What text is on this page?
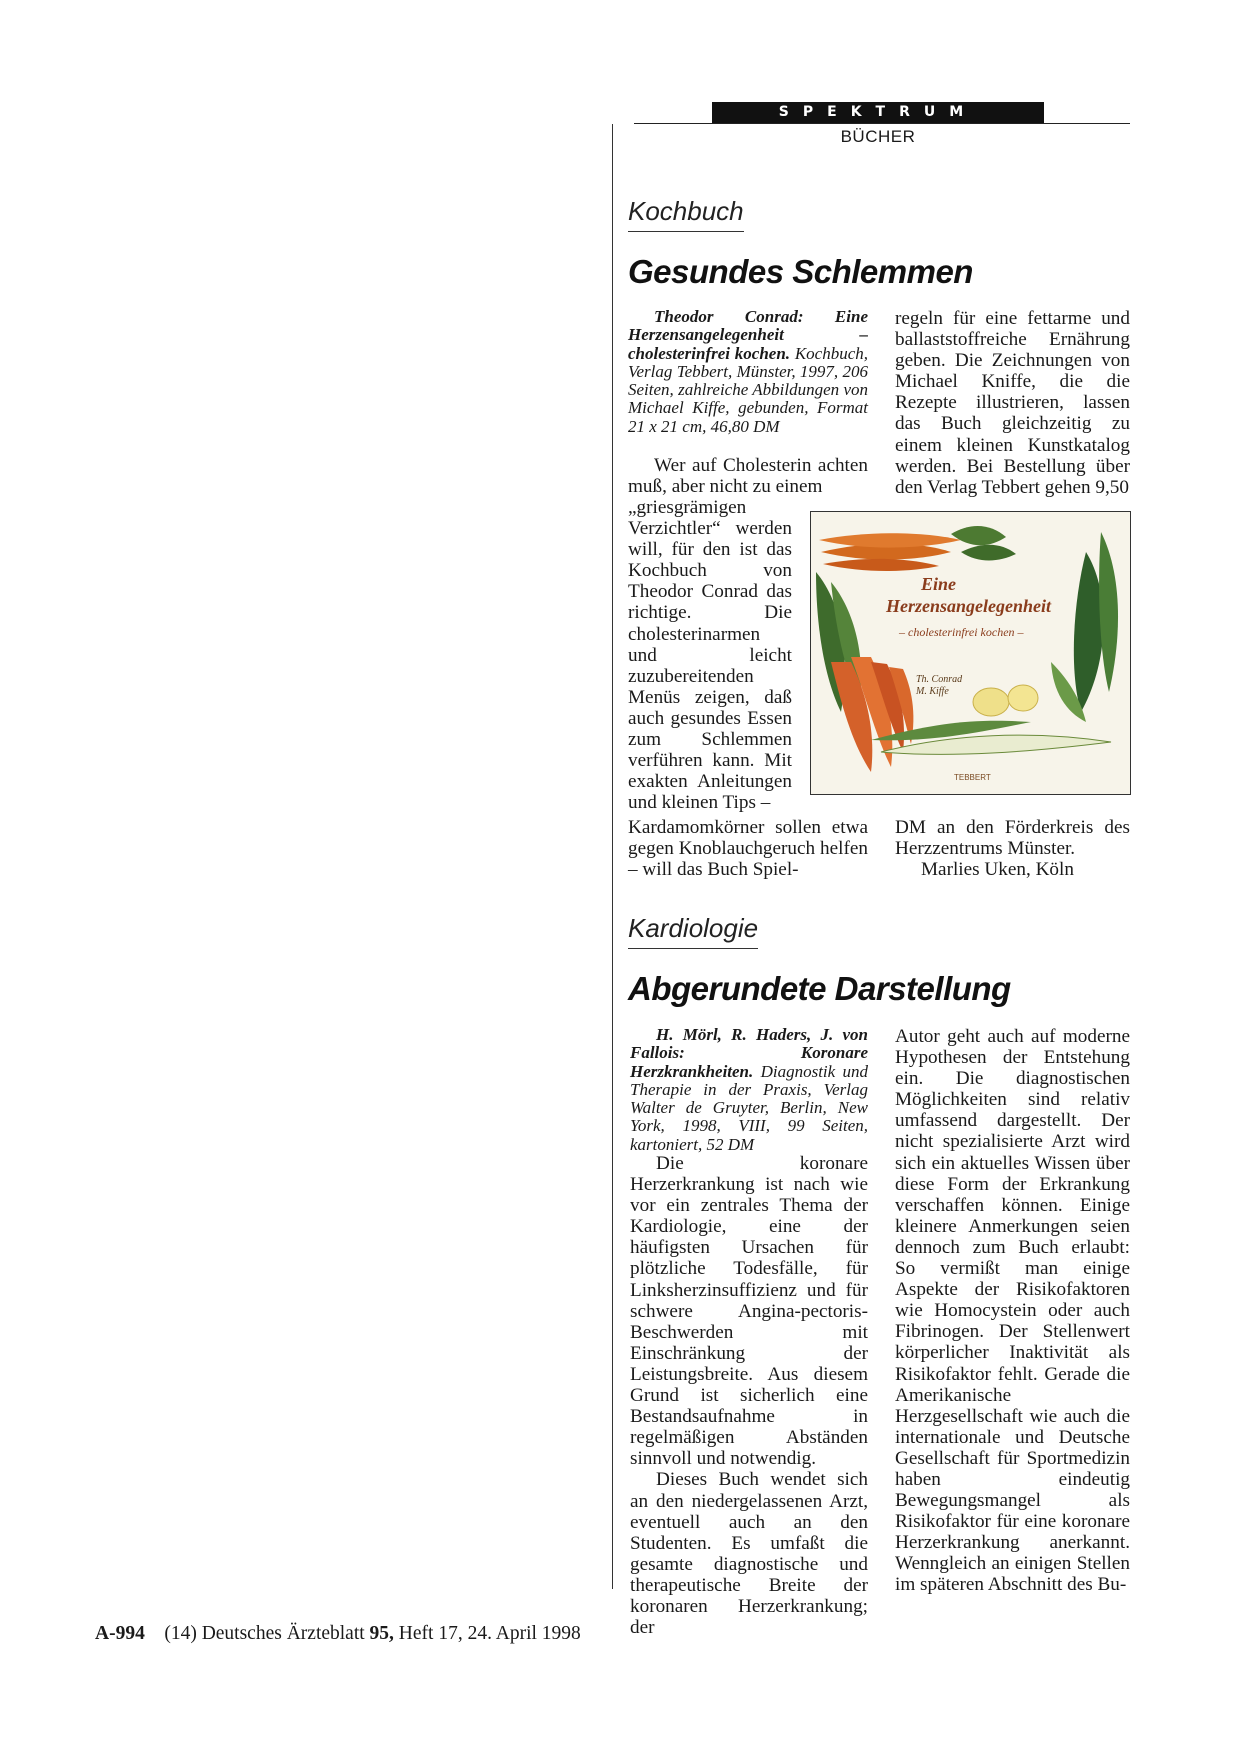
SPEKTRUM
BÜCHER
Kochbuch
Gesundes Schlemmen
Theodor Conrad: Eine Herzensangelegenheit – cholesterinfrei kochen. Kochbuch, Verlag Tebbert, Münster, 1997, 206 Seiten, zahlreiche Abbildungen von Michael Kiffe, gebunden, Format 21 x 21 cm, 46,80 DM

Wer auf Cholesterin achten muß, aber nicht zu einem

„griesgrämigen Verzichtler“ werden will, für den ist das Kochbuch von Theodor Conrad das richtige. Die cholesterinarmen und leicht zuzubereitenden Menüs zeigen, daß auch gesundes Essen zum Schlemmen verführen kann. Mit exakten Anleitungen und kleinen Tips –

Kardamomkörner sollen etwa gegen Knoblauchgeruch helfen – will das Buch Spiel-

regeln für eine fettarme und ballaststoffreiche Ernährung geben. Die Zeichnungen von Michael Kniffe, die die Rezepte illustrieren, lassen das Buch gleichzeitig zu einem kleinen Kunstkatalog werden. Bei Bestellung über den Verlag Tebbert gehen 9,50

Eine
Herzensangelegenheit
– cholesterinfrei kochen –
Th. Conrad
M. Kiffe
TEBBERT

DM an den Förderkreis des Herzzentrums Münster.

Marlies Uken, Köln

Kardiologie
Abgerundete Darstellung
H. Mörl, R. Haders, J. von Fallois: Koronare Herzkrankheiten. Diagnostik und Therapie in der Praxis, Verlag Walter de Gruyter, Berlin, New York, 1998, VIII, 99 Seiten, kartoniert, 52 DM

Die koronare Herzerkrankung ist nach wie vor ein zentrales Thema der Kardiologie, eine der häufigsten Ursachen für plötzliche Todesfälle, für Linksherzinsuffizienz und für schwere Angina-pectoris-Beschwerden mit Einschränkung der Leistungsbreite. Aus diesem Grund ist sicherlich eine Bestandsaufnahme in regelmäßigen Abständen sinnvoll und notwendig.

Dieses Buch wendet sich an den niedergelassenen Arzt, eventuell auch an den Studenten. Es umfaßt die gesamte diagnostische und therapeutische Breite der koronaren Herzerkrankung; der

Autor geht auch auf moderne Hypothesen der Entstehung ein. Die diagnostischen Möglichkeiten sind relativ umfassend dargestellt. Der nicht spezialisierte Arzt wird sich ein aktuelles Wissen über diese Form der Erkrankung verschaffen können. Einige kleinere Anmerkungen seien dennoch zum Buch erlaubt: So vermißt man einige Aspekte der Risikofaktoren wie Homocystein oder auch Fibrinogen. Der Stellenwert körperlicher Inaktivität als Risikofaktor fehlt. Gerade die Amerikanische Herzgesellschaft wie auch die internationale und Deutsche Gesellschaft für Sportmedizin haben eindeutig Bewegungsmangel als Risikofaktor für eine koronare Herzerkrankung anerkannt. Wenngleich an einigen Stellen im späteren Abschnitt des Bu-

A-994 (14) Deutsches Ärzteblatt 95, Heft 17, 24. April 1998
